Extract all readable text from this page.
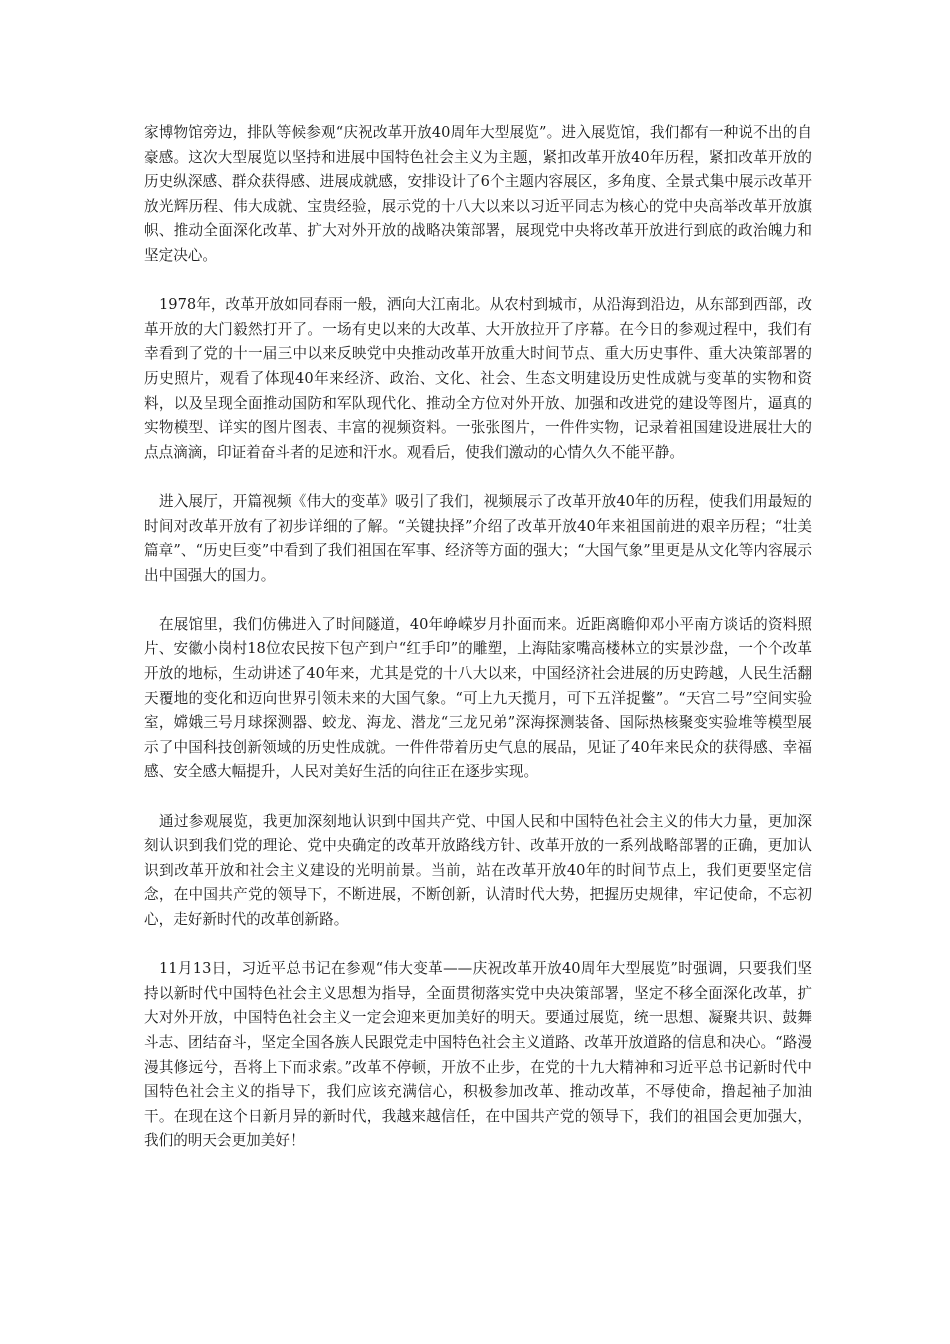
家博物馆旁边，排队等候参观“庆祝改革开放40周年大型展览”。进入展览馆，我们都有一种说不出的自豪感。这次大型展览以坚持和进展中国特色社会主义为主题，紧扣改革开放40年历程，紧扣改革开放的历史纵深感、群众获得感、进展成就感，安排设计了6个主题内容展区，多角度、全景式集中展示改革开放光辉历程、伟大成就、宝贵经验，展示党的十八大以来以习近平同志为核心的党中央高举改革开放旗帜、推动全面深化改革、扩大对外开放的战略决策部署，展现党中央将改革开放进行到底的政治魄力和坚定决心。

1978年，改革开放如同春雨一般，洒向大江南北。从农村到城市，从沿海到沿边，从东部到西部，改革开放的大门毅然打开了。一场有史以来的大改革、大开放拉开了序幕。在今日的参观过程中，我们有幸看到了党的十一届三中以来反映党中央推动改革开放重大时间节点、重大历史事件、重大决策部署的历史照片，观看了体现40年来经济、政治、文化、社会、生态文明建设历史性成就与变革的实物和资料，以及呈现全面推动国防和军队现代化、推动全方位对外开放、加强和改进党的建设等图片，逼真的实物模型、详实的图片图表、丰富的视频资料。一张张图片，一件件实物，记录着祖国建设进展壮大的点点滴滴，印证着奋斗者的足迹和汗水。观看后，使我们激动的心情久久不能平静。

进入展厅，开篇视频《伟大的变革》吸引了我们，视频展示了改革开放40年的历程，使我们用最短的时间对改革开放有了初步详细的了解。“关键抉择”介绍了改革开放40年来祖国前进的艰辛历程；“壮美篇章”、“历史巨变”中看到了我们祖国在军事、经济等方面的强大；“大国气象”里更是从文化等内容展示出中国强大的国力。

在展馆里，我们仿佛进入了时间隧道，40年峥嵘岁月扑面而来。近距离瞻仰邓小平南方谈话的资料照片、安徽小岗村18位农民按下包产到户“红手印”的雕塑，上海陆家嘴高楼林立的实景沙盘，一个个改革开放的地标，生动讲述了40年来，尤其是党的十八大以来，中国经济社会进展的历史跨越，人民生活翻天覆地的变化和迈向世界引领未来的大国气象。“可上九天揽月，可下五洋捉鳖”。“天宫二号”空间实验室，嫦娥三号月球探测器、蛟龙、海龙、潜龙“三龙兄弟”深海探测装备、国际热核聚变实验堆等模型展示了中国科技创新领域的历史性成就。一件件带着历史气息的展品，见证了40年来民众的获得感、幸福感、安全感大幅提升，人民对美好生活的向往正在逐步实现。

通过参观展览，我更加深刻地认识到中国共产党、中国人民和中国特色社会主义的伟大力量，更加深刻认识到我们党的理论、党中央确定的改革开放路线方针、改革开放的一系列战略部署的正确，更加认识到改革开放和社会主义建设的光明前景。当前，站在改革开放40年的时间节点上，我们更要坚定信念，在中国共产党的领导下，不断进展，不断创新，认清时代大势，把握历史规律，牢记使命，不忘初心，走好新时代的改革创新路。

11月13日，习近平总书记在参观“伟大变革——庆祝改革开放40周年大型展览”时强调，只要我们坚持以新时代中国特色社会主义思想为指导，全面贯彻落实党中央决策部署，坚定不移全面深化改革，扩大对外开放，中国特色社会主义一定会迎来更加美好的明天。要通过展览，统一思想、凝聚共识、鼓舞斗志、团结奋斗，坚定全国各族人民跟党走中国特色社会主义道路、改革开放道路的信息和决心。“路漫漫其修远兮，吾将上下而求索。”改革不停顿，开放不止步，在党的十九大精神和习近平总书记新时代中国特色社会主义的指导下，我们应该充满信心，积极参加改革、推动改革，不辱使命，撸起袖子加油干。在现在这个日新月异的新时代，我越来越信任，在中国共产党的领导下，我们的祖国会更加强大，我们的明天会更加美好！
